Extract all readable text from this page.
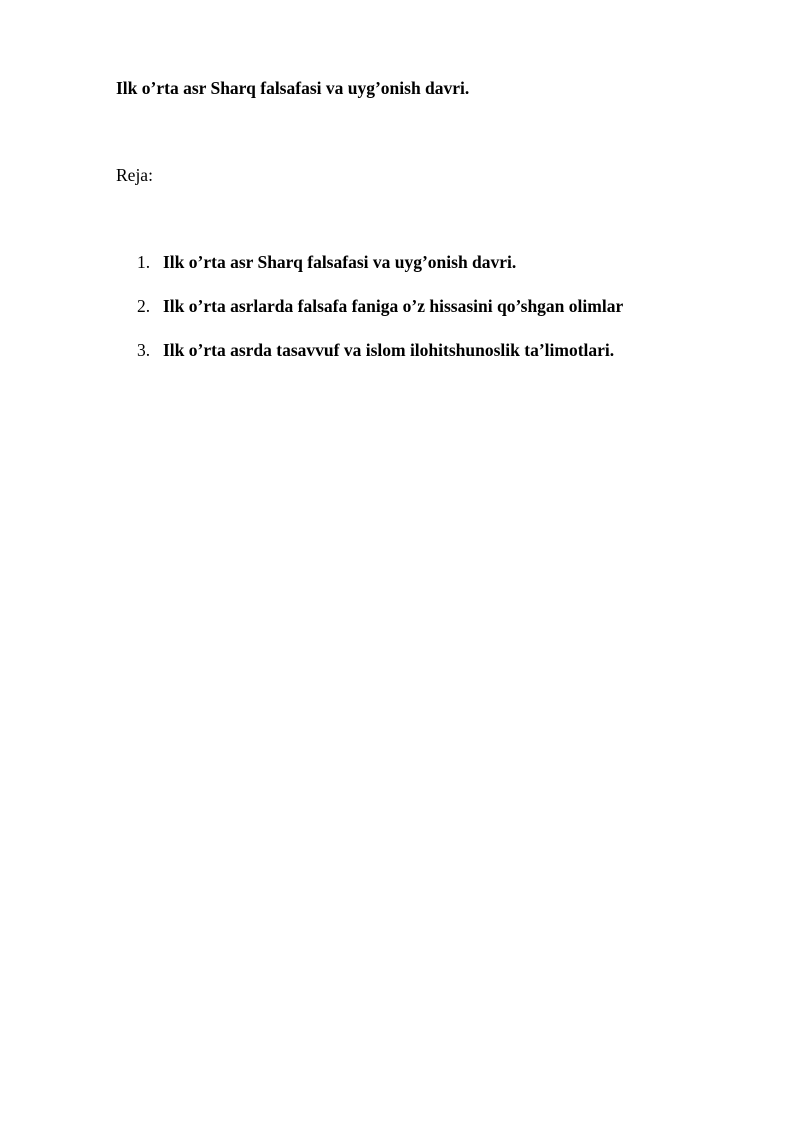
Ilk o’rta asr Sharq falsafasi va uyg’onish davri.
Reja:
1. Ilk o’rta asr Sharq falsafasi va uyg’onish davri.
2. Ilk o’rta asrlarda falsafa faniga o’z hissasini qo’shgan olimlar
3. Ilk o’rta asrda tasavvuf va islom ilohitshunoslik ta’limotlari.
